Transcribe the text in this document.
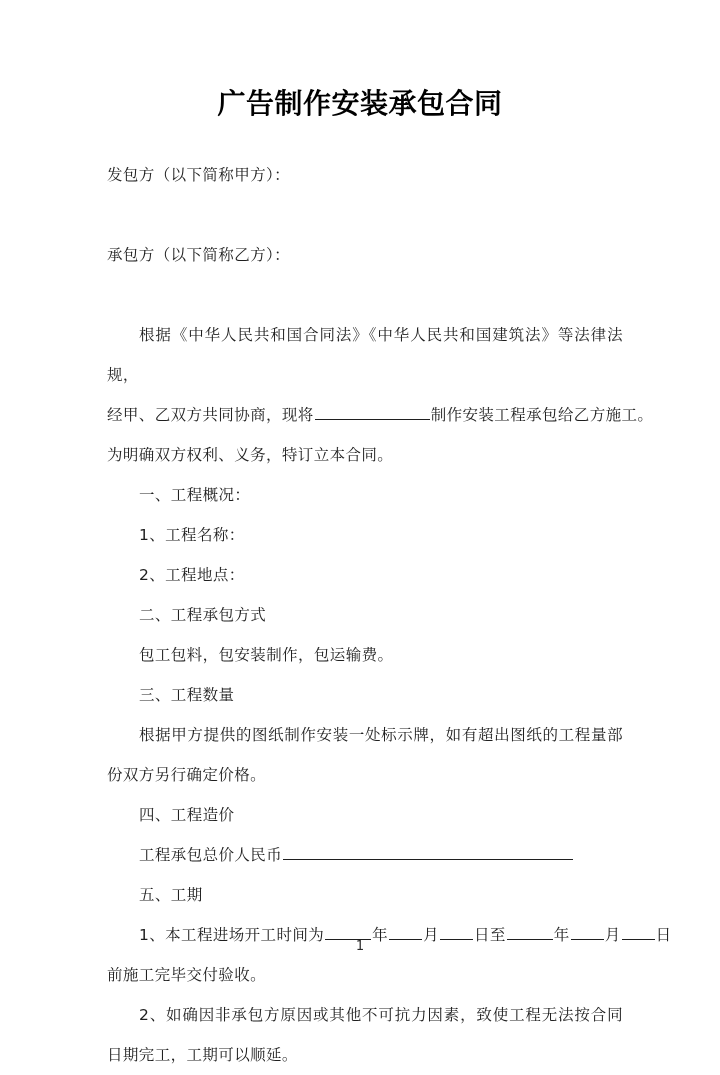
广告制作安装承包合同
发包方（以下简称甲方）：
承包方（以下简称乙方）：
根据《中华人民共和国合同法》《中华人民共和国建筑法》等法律法规，
经甲、乙双方共同协商，现将	制作安装工程承包给乙方施工。
为明确双方权利、义务，特订立本合同。
一、工程概况：
1、工程名称：
2、工程地点：
二、工程承包方式
包工包料，包安装制作，包运输费。
三、工程数量
根据甲方提供的图纸制作安装一处标示牌，如有超出图纸的工程量部份双方另行确定价格。
四、工程造价
工程承包总价人民币
五、工期
1、本工程进场开工时间为	年 月 日至	年 月 日
前施工完毕交付验收。
2、如确因非承包方原因或其他不可抗力因素，致使工程无法按合同日期完工，工期可以顺延。
1
